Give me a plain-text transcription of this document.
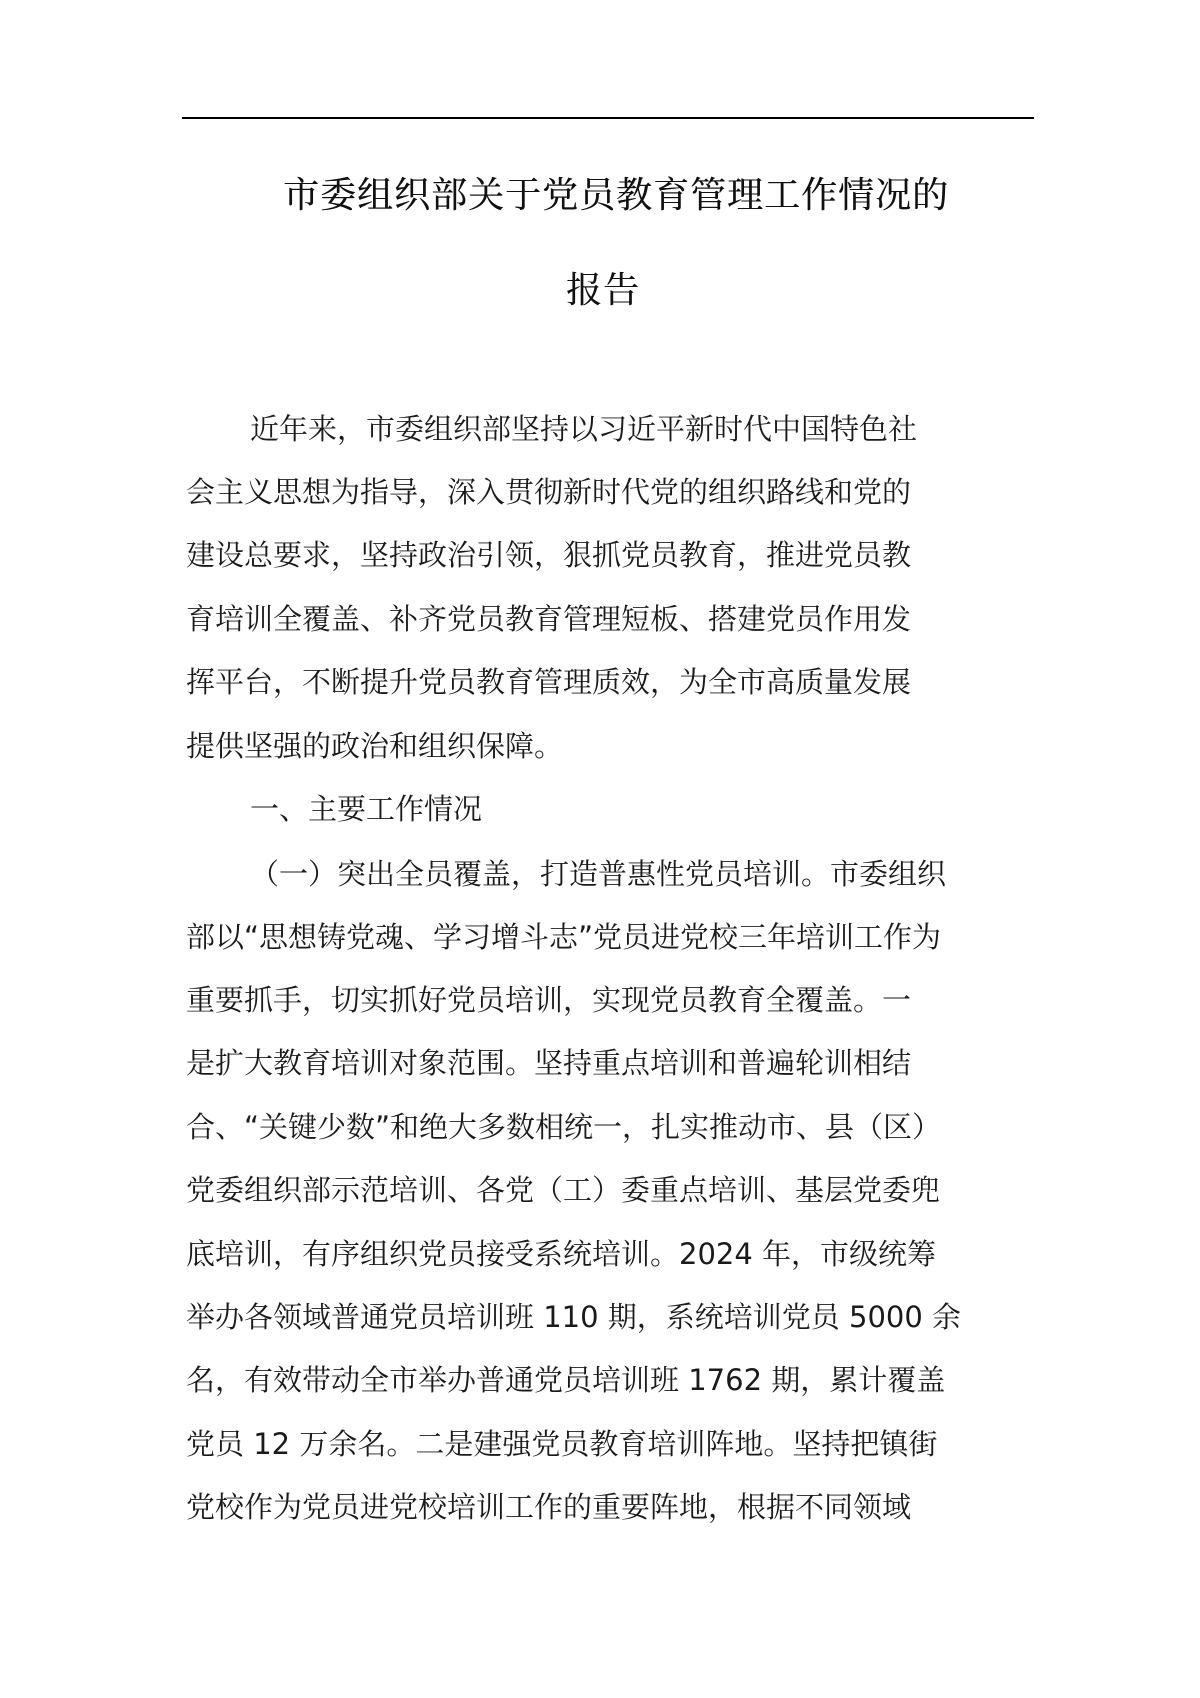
市委组织部关于党员教育管理工作情况的
报告
近年来，市委组织部坚持以习近平新时代中国特色社
会主义思想为指导，深入贯彻新时代党的组织路线和党的
建设总要求，坚持政治引领，狠抓党员教育，推进党员教
育培训全覆盖、补齐党员教育管理短板、搭建党员作用发
挥平台，不断提升党员教育管理质效，为全市高质量发展
提供坚强的政治和组织保障。
一、主要工作情况
（一）突出全员覆盖，打造普惠性党员培训。市委组织
部以“思想铸党魂、学习增斗志”党员进党校三年培训工作为
重要抓手，切实抓好党员培训，实现党员教育全覆盖。一
是扩大教育培训对象范围。坚持重点培训和普遍轮训相结
合、“关键少数”和绝大多数相统一，扎实推动市、县（区）
党委组织部示范培训、各党（工）委重点培训、基层党委兜
底培训，有序组织党员接受系统培训。2024 年，市级统筹
举办各领域普通党员培训班 110 期，系统培训党员 5000 余
名，有效带动全市举办普通党员培训班 1762 期，累计覆盖
党员 12 万余名。二是建强党员教育培训阵地。坚持把镇街
党校作为党员进党校培训工作的重要阵地，根据不同领域
